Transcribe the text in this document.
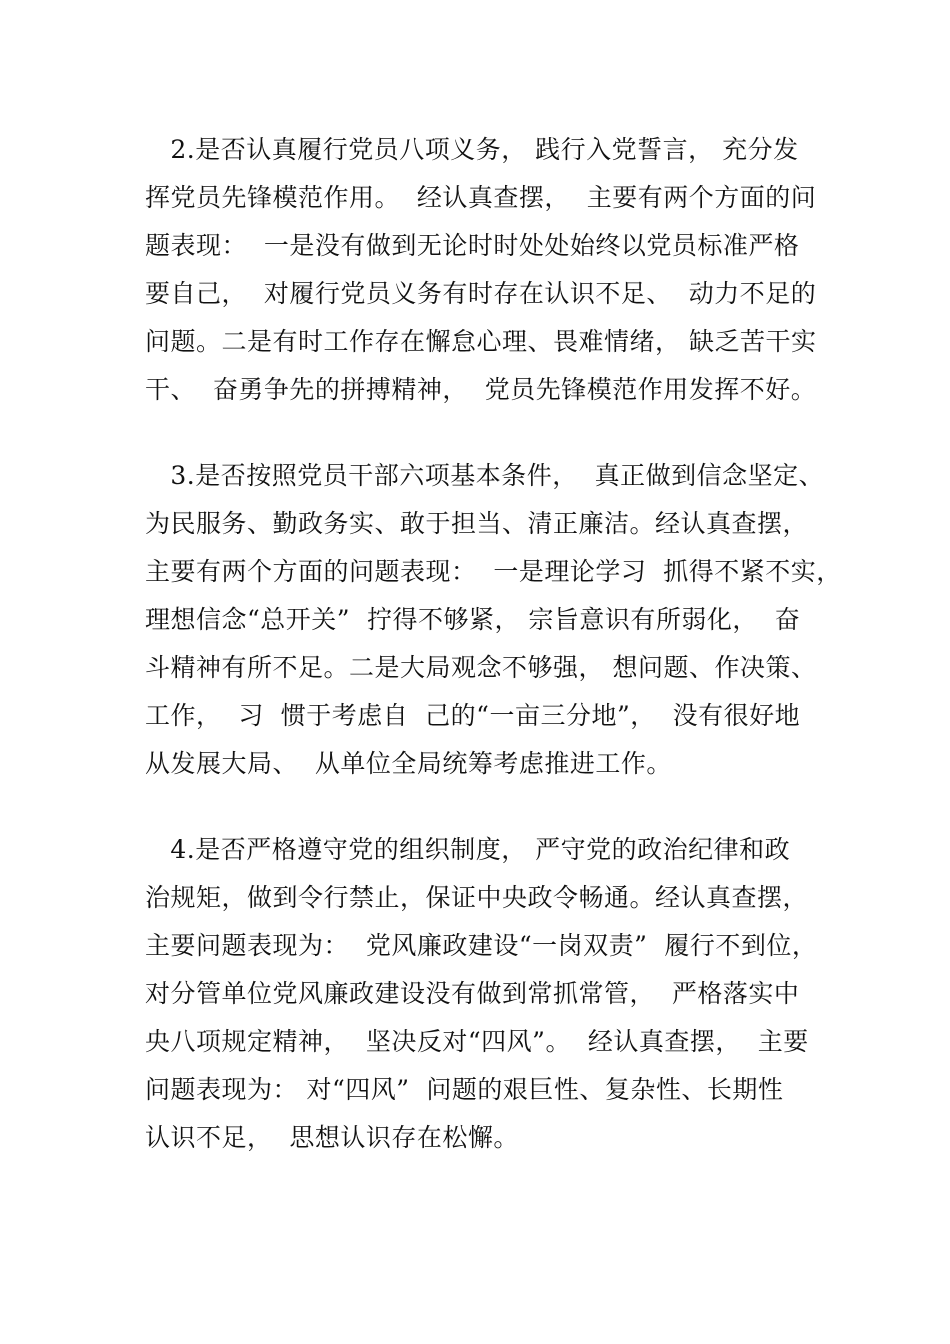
2.是否认真履行党员八项义务， 践行入党誓言， 充分发
挥党员先锋模范作用。  经认真查摆，  主要有两个方面的问
题表现：  一是没有做到无论时时处处始终以党员标准严格
要自己，  对履行党员义务有时存在认识不足、  动力不足的
问题。二是有时工作存在懈怠心理、畏难情绪， 缺乏苦干实
干、  奋勇争先的拼搏精神，  党员先锋模范作用发挥不好。
3.是否按照党员干部六项基本条件，  真正做到信念坚定、
为民服务、勤政务实、敢于担当、清正廉洁。经认真查摆，
主要有两个方面的问题表现：  一是理论学习  抓得不紧不实，
理想信念“总开关”  拧得不够紧， 宗旨意识有所弱化，  奋
斗精神有所不足。二是大局观念不够强， 想问题、作决策、
工作，  习  惯于考虑自  己的“一亩三分地”，  没有很好地
从发展大局、  从单位全局统筹考虑推进工作。
4.是否严格遵守党的组织制度， 严守党的政治纪律和政
治规矩，做到令行禁止，保证中央政令畅通。经认真查摆，
主要问题表现为：  党风廉政建设“一岗双责”  履行不到位，
对分管单位党风廉政建设没有做到常抓常管，  严格落实中
央八项规定精神，  坚决反对“四风”。  经认真查摆，  主要
问题表现为： 对“四风”  问题的艰巨性、复杂性、长期性
认识不足，  思想认识存在松懈。
